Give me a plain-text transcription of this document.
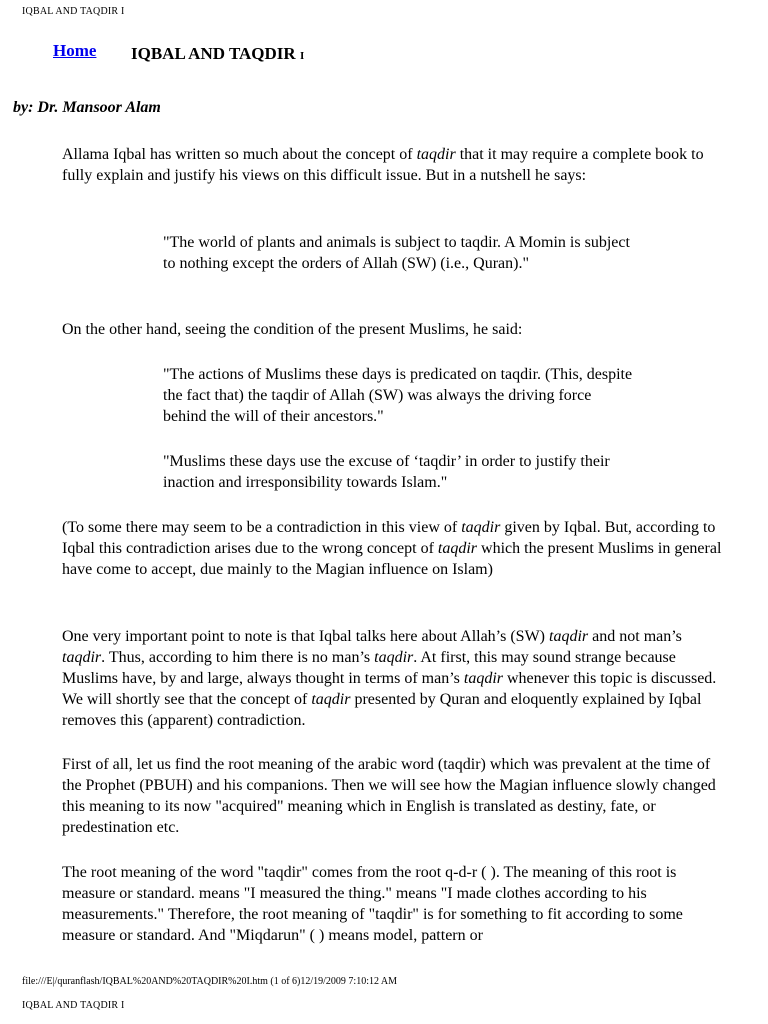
IQBAL AND TAQDIR I
Home IQBAL AND TAQDIR I

by: Dr. Mansoor Alam

Allama Iqbal has written so much about the concept of taqdir that it may require a complete book to fully explain and justify his views on this difficult issue. But in a nutshell he says:

"The world of plants and animals is subject to taqdir. A Momin is subject to nothing except the orders of Allah (SW) (i.e., Quran)."

On the other hand, seeing the condition of the present Muslims, he said:

"The actions of Muslims these days is predicated on taqdir. (This, despite the fact that) the taqdir of Allah (SW) was always the driving force behind the will of their ancestors."

"Muslims these days use the excuse of ‘taqdir’ in order to justify their inaction and irresponsibility towards Islam."

(To some there may seem to be a contradiction in this view of taqdir given by Iqbal. But, according to Iqbal this contradiction arises due to the wrong concept of taqdir which the present Muslims in general have come to accept, due mainly to the Magian influence on Islam)

One very important point to note is that Iqbal talks here about Allah’s (SW) taqdir and not man’s taqdir. Thus, according to him there is no man’s taqdir. At first, this may sound strange because Muslims have, by and large, always thought in terms of man’s taqdir whenever this topic is discussed. We will shortly see that the concept of taqdir presented by Quran and eloquently explained by Iqbal removes this (apparent) contradiction.

First of all, let us find the root meaning of the arabic word (taqdir) which was prevalent at the time of the Prophet (PBUH) and his companions. Then we will see how the Magian influence slowly changed this meaning to its now "acquired" meaning which in English is translated as destiny, fate, or predestination etc.

The root meaning of the word "taqdir" comes from the root q-d-r ( ). The meaning of this root is measure or standard. means "I measured the thing." means "I made clothes according to his measurements." Therefore, the root meaning of "taqdir" is for something to fit according to some measure or standard. And "Miqdarun" ( ) means model, pattern or

file:///E|/quranflash/IQBAL%20AND%20TAQDIR%20I.htm (1 of 6)12/19/2009 7:10:12 AM
IQBAL AND TAQDIR I
